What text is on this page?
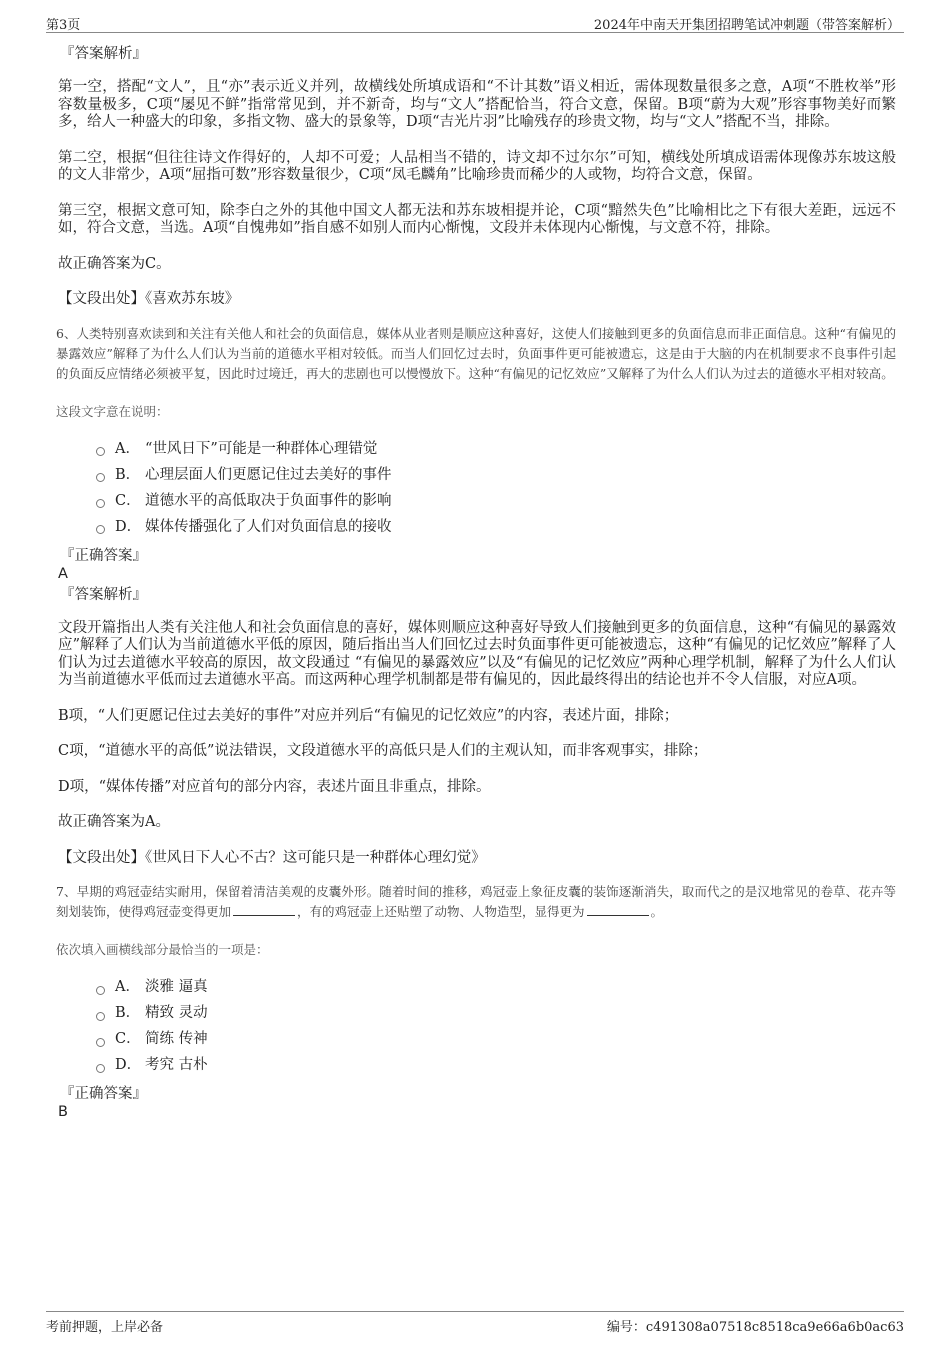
第3页	2024年中南天开集团招聘笔试冲刺题（带答案解析）
『答案解析』
第一空，搭配“文人”，且“亦”表示近义并列，故横线处所填成语和“不计其数”语义相近，需体现数量很多之意，A项“不胜枚举”形容数量极多，C项“屡见不鲜”指常常见到，并不新奇，均与“文人”搭配恰当，符合文意，保留。B项“蔚为大观”形容事物美好而繁多，给人一种盛大的印象，多指文物、盛大的景象等，D项“吉光片羽”比喻残存的珍贵文物，均与“文人”搭配不当，排除。
第二空，根据“但往往诗文作得好的，人却不可爱；人品相当不错的，诗文却不过尔尔”可知，横线处所填成语需体现像苏东坡这般的文人非常少，A项“屈指可数”形容数量很少，C项“凤毛麟角”比喻珍贵而稀少的人或物，均符合文意，保留。
第三空，根据文意可知，除李白之外的其他中国文人都无法和苏东坡相提并论，C项“黯然失色”比喻相比之下有很大差距，远远不如，符合文意，当选。A项“自愧弗如”指自感不如别人而内心惭愧，文段并未体现内心惭愧，与文意不符，排除。
故正确答案为C。
【文段出处】《喜欢苏东坡》
6、人类特别喜欢读到和关注有关他人和社会的负面信息，媒体从业者则是顺应这种喜好，这使人们接触到更多的负面信息而非正面信息。这种“有偏见的暴露效应”解释了为什么人们认为当前的道德水平相对较低。而当人们回忆过去时，负面事件更可能被遗忘，这是由于大脑的内在机制要求不良事件引起的负面反应情绪必须被平复，因此时过境迁，再大的悲剧也可以慢慢放下。这种“有偏见的记忆效应”又解释了为什么人们认为过去的道德水平相对较高。
这段文字意在说明：
A． “世风日下”可能是一种群体心理错觉
B． 心理层面人们更愿记住过去美好的事件
C． 道德水平的高低取决于负面事件的影响
D． 媒体传播强化了人们对负面信息的接收
『正确答案』
A
『答案解析』
文段开篇指出人类有关注他人和社会负面信息的喜好，媒体则顺应这种喜好导致人们接触到更多的负面信息，这种“有偏见的暴露效应”解释了人们认为当前道德水平低的原因，随后指出当人们回忆过去时负面事件更可能被遗忘，这种“有偏见的记忆效应”解释了人们认为过去道德水平较高的原因，故文段通过 “有偏见的暴露效应”以及“有偏见的记忆效应”两种心理学机制，解释了为什么人们认为当前道德水平低而过去道德水平高。而这两种心理学机制都是带有偏见的，因此最终得出的结论也并不令人信服，对应A项。
B项，“人们更愿记住过去美好的事件”对应并列后“有偏见的记忆效应”的内容，表述片面，排除；
C项，“道德水平的高低”说法错误，文段道德水平的高低只是人们的主观认知，而非客观事实，排除；
D项，“媒体传播”对应首句的部分内容，表述片面且非重点，排除。
故正确答案为A。
【文段出处】《世风日下人心不古？这可能只是一种群体心理幻觉》
7、早期的鸡冠壶结实耐用，保留着清洁美观的皮囊外形。随着时间的推移，鸡冠壶上象征皮囊的装饰逐渐消失，取而代之的是汉地常见的卷草、花卉等刻划装饰，使得鸡冠壶变得更加	，有的鸡冠壶上还贴塑了动物、人物造型，显得更为	。
依次填入画横线部分最恰当的一项是：
A． 淡雅 逼真
B． 精致 灵动
C． 简练 传神
D． 考究 古朴
『正确答案』
B
考前押题，上岸必备	编号：c491308a07518c8518ca9e66a6b0ac63
